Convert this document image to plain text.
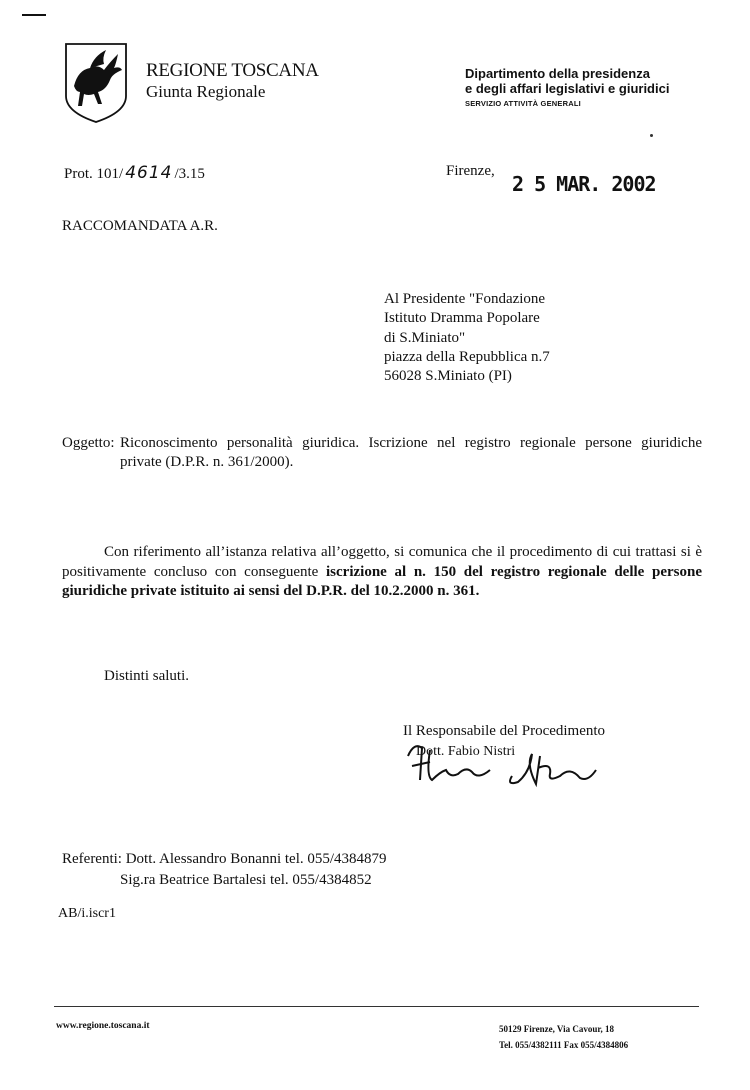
REGIONE TOSCANA
Giunta Regionale
Dipartimento della presidenza
e degli affari legislativi e giuridici
SERVIZIO ATTIVITÀ GENERALI
Prot. 101/ 4614 /3.15	Firenze,
2 5 MAR. 2002
RACCOMANDATA A.R.
Al Presidente "Fondazione
Istituto Dramma Popolare
di S.Miniato"
piazza della Repubblica n.7
56028 S.Miniato (PI)
Oggetto: Riconoscimento personalità giuridica. Iscrizione nel registro regionale persone giuridiche private (D.P.R. n. 361/2000).
Con riferimento all’istanza relativa all’oggetto, si comunica che il procedimento di cui trattasi si è positivamente concluso con conseguente iscrizione al n. 150 del registro regionale delle persone giuridiche private istituito ai sensi del D.P.R. del 10.2.2000 n. 361.
Distinti saluti.
Il Responsabile del Procedimento
Dott. Fabio Nistri
Referenti: Dott. Alessandro Bonanni tel. 055/4384879
Sig.ra Beatrice Bartalesi tel. 055/4384852
AB/i.iscr1
www.regione.toscana.it	50129 Firenze, Via Cavour, 18
Tel. 055/4382111 Fax 055/4384806
